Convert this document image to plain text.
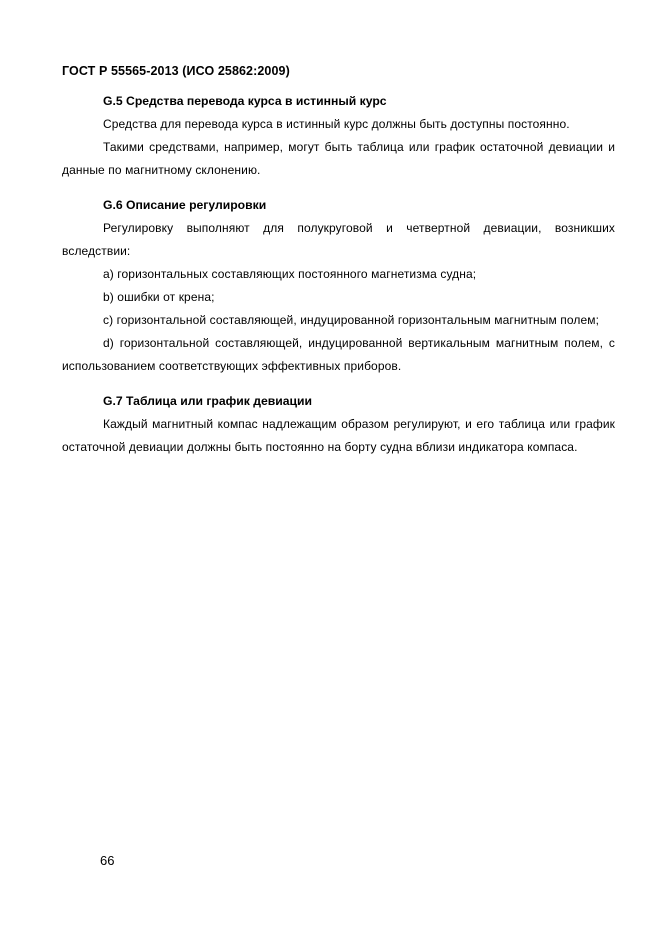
ГОСТ Р 55565-2013 (ИСО 25862:2009)

G.5 Средства перевода курса в истинный курс

Средства для перевода курса в истинный курс должны быть доступны постоянно.

Такими средствами, например, могут быть таблица или график остаточной девиации и данные по магнитному склонению.

G.6 Описание регулировки

Регулировку выполняют для полукруговой и четвертной девиации, возникших вследствии:

a) горизонтальных составляющих постоянного магнетизма судна;

b) ошибки от крена;

c) горизонтальной составляющей, индуцированной горизонтальным магнитным полем;

d) горизонтальной составляющей, индуцированной вертикальным магнитным полем, с использованием соответствующих эффективных приборов.

G.7 Таблица или график девиации

Каждый магнитный компас надлежащим образом регулируют, и его таблица или график остаточной девиации должны быть постоянно на борту судна вблизи индикатора компаса.

66
